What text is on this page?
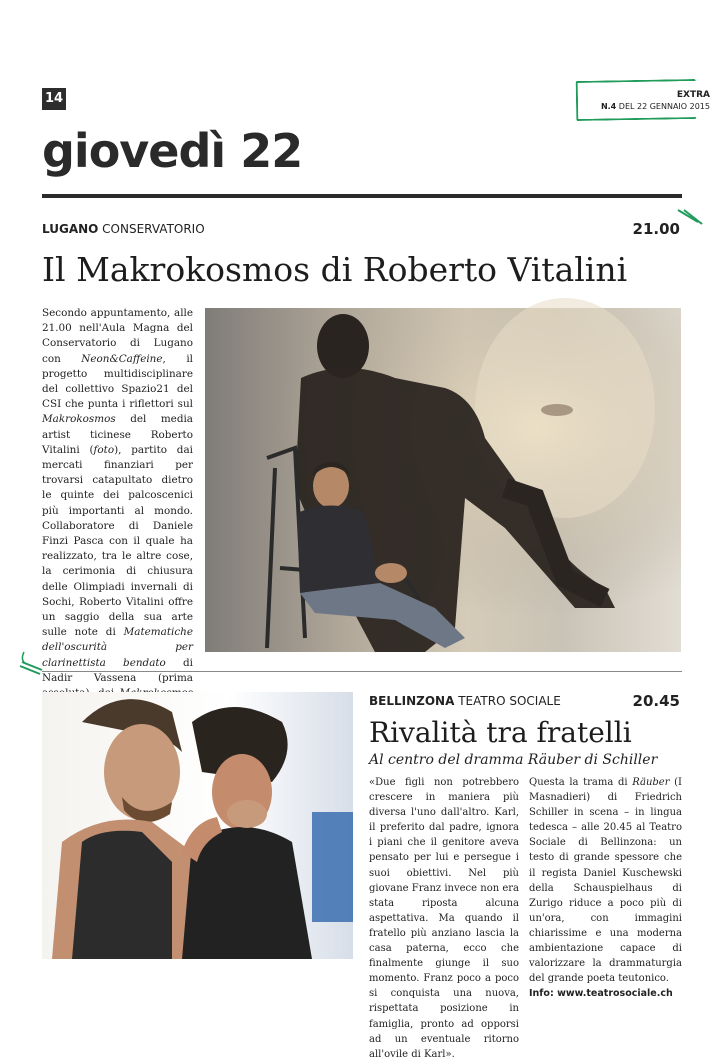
14	EXTRA
N.4 DEL 22 GENNAIO 2015
giovedì 22
LUGANO CONSERVATORIO	21.00
Il Makrokosmos di Roberto Vitalini
Secondo appuntamento, alle 21.00 nell'Aula Magna del Conservatorio di Lugano con Neon&Caffeine, il progetto multidisciplinare del collettivo Spazio21 del CSI che punta i riflettori sul Makrokosmos del media artist ticinese Roberto Vitalini (foto), partito dai mercati finanziari per trovarsi catapultato dietro le quinte dei palcoscenici più importanti al mondo. Collaboratore di Daniele Finzi Pasca con il quale ha realizzato, tra le altre cose, la cerimonia di chiusura delle Olimpiadi invernali di Sochi, Roberto Vitalini offre un saggio della sua arte sulle note di Matematiche dell'oscurità per clarinettista bendato di Nadir Vassena (prima
BELLINZONA TEATRO SOCIALE	20.45
Rivalità tra fratelli
Al centro del dramma Räuber di Schiller
«Due figli non potrebbero crescere in maniera più diversa l'uno dall'altro. Karl, il preferito dal padre, ignora i piani che il genitore aveva pensato per lui e persegue i suoi obiettivi. Nel più giovane Franz invece non era stata riposta alcuna aspettativa. Ma quando il fratello più anziano lascia la casa paterna, ecco che finalmente giunge il suo momento. Franz poco a poco si conquista una nuova, rispettata posizione in famiglia, pronto ad opporsi ad un eventuale ritorno all'ovile di Karl».
Questa la trama di Räuber (I Masnadieri) di Friedrich Schiller in scena – in lingua tedesca – alle 20.45 al Teatro Sociale di Bellinzona: un testo di grande spessore che il regista Daniel Kuschewski della Schauspielhaus di Zurigo riduce a poco più di un'ora, con immagini chiarissime e una moderna ambientazione capace di valorizzare la drammaturgia del grande poeta teutonico.
Info: www.teatrosociale.ch
